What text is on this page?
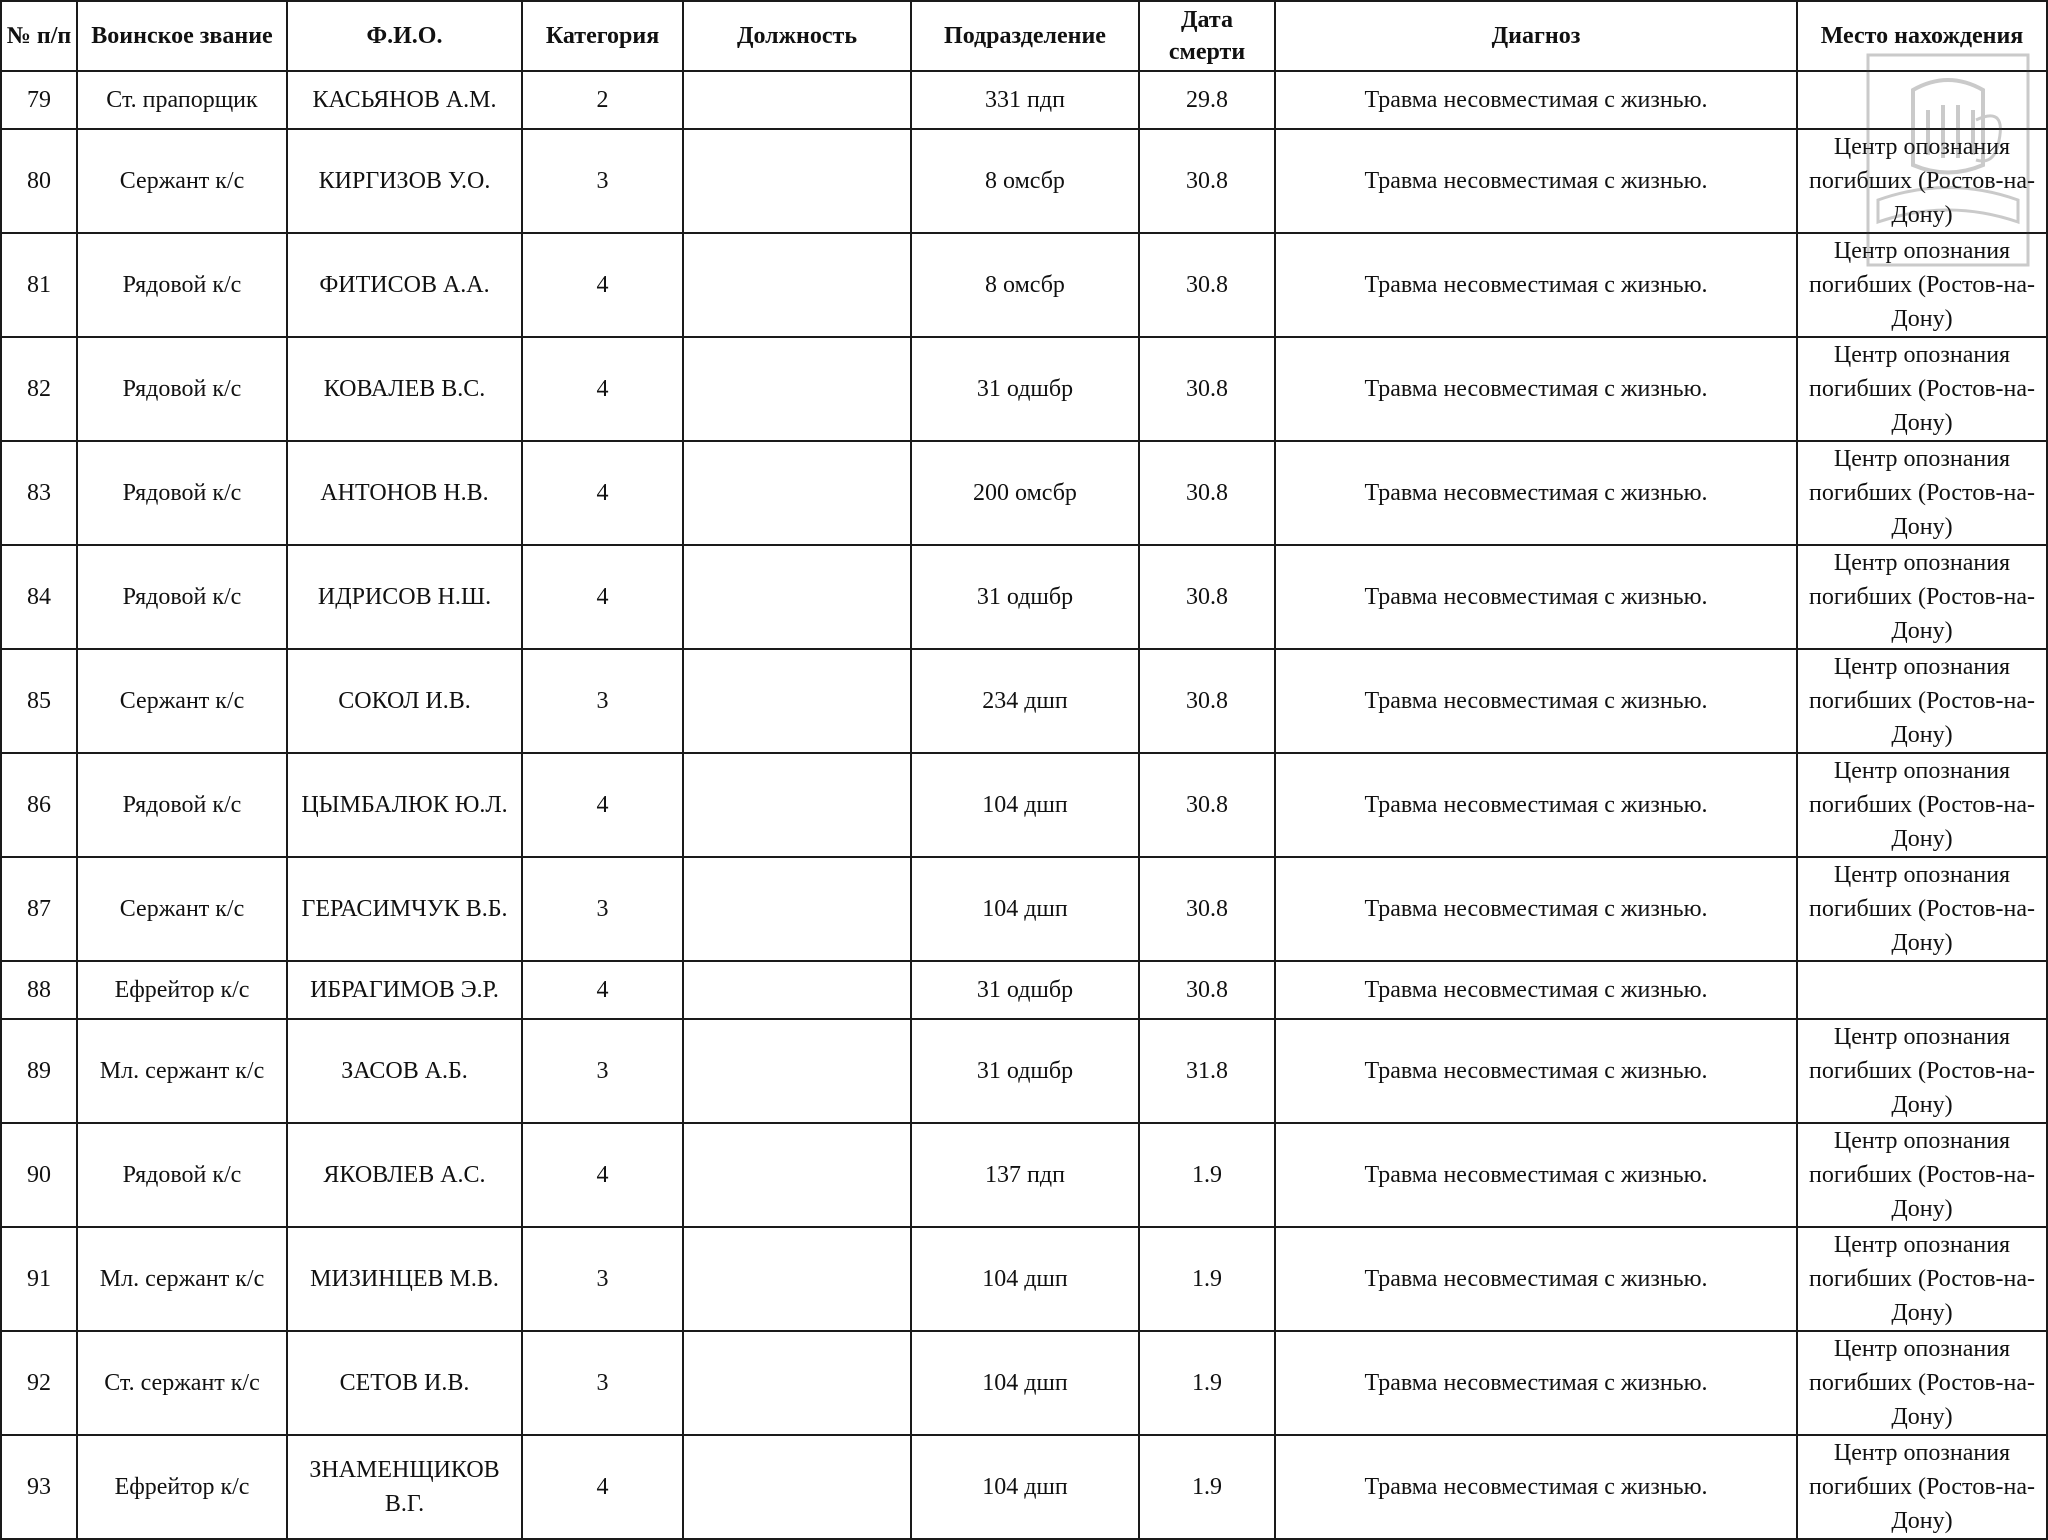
№ п/п	Воинское звание	Ф.И.О.	Категория	Должность	Подразделение	Дата смерти	Диагноз	Место нахождения
79	Ст. прапорщик	КАСЬЯНОВ А.М.	2		331 пдп	29.8	Травма несовместимая с жизнью.	
80	Сержант к/с	КИРГИЗОВ У.О.	3		8 омсбр	30.8	Травма несовместимая с жизнью.	Центр опознания погибших (Ростов-на-Дону)
81	Рядовой к/с	ФИТИСОВ А.А.	4		8 омсбр	30.8	Травма несовместимая с жизнью.	Центр опознания погибших (Ростов-на-Дону)
82	Рядовой к/с	КОВАЛЕВ В.С.	4		31 одшбр	30.8	Травма несовместимая с жизнью.	Центр опознания погибших (Ростов-на-Дону)
83	Рядовой к/с	АНТОНОВ Н.В.	4		200 омсбр	30.8	Травма несовместимая с жизнью.	Центр опознания погибших (Ростов-на-Дону)
84	Рядовой к/с	ИДРИСОВ Н.Ш.	4		31 одшбр	30.8	Травма несовместимая с жизнью.	Центр опознания погибших (Ростов-на-Дону)
85	Сержант к/с	СОКОЛ И.В.	3		234 дшп	30.8	Травма несовместимая с жизнью.	Центр опознания погибших (Ростов-на-Дону)
86	Рядовой к/с	ЦЫМБАЛЮК Ю.Л.	4		104 дшп	30.8	Травма несовместимая с жизнью.	Центр опознания погибших (Ростов-на-Дону)
87	Сержант к/с	ГЕРАСИМЧУК В.Б.	3		104 дшп	30.8	Травма несовместимая с жизнью.	Центр опознания погибших (Ростов-на-Дону)
88	Ефрейтор к/с	ИБРАГИМОВ Э.Р.	4		31 одшбр	30.8	Травма несовместимая с жизнью.	
89	Мл. сержант к/с	ЗАСОВ А.Б.	3		31 одшбр	31.8	Травма несовместимая с жизнью.	Центр опознания погибших (Ростов-на-Дону)
90	Рядовой к/с	ЯКОВЛЕВ А.С.	4		137 пдп	1.9	Травма несовместимая с жизнью.	Центр опознания погибших (Ростов-на-Дону)
91	Мл. сержант к/с	МИЗИНЦЕВ М.В.	3		104 дшп	1.9	Травма несовместимая с жизнью.	Центр опознания погибших (Ростов-на-Дону)
92	Ст. сержант к/с	СЕТОВ И.В.	3		104 дшп	1.9	Травма несовместимая с жизнью.	Центр опознания погибших (Ростов-на-Дону)
93	Ефрейтор к/с	ЗНАМЕНЩИКОВ В.Г.	4		104 дшп	1.9	Травма несовместимая с жизнью.	Центр опознания погибших (Ростов-на-Дону)
